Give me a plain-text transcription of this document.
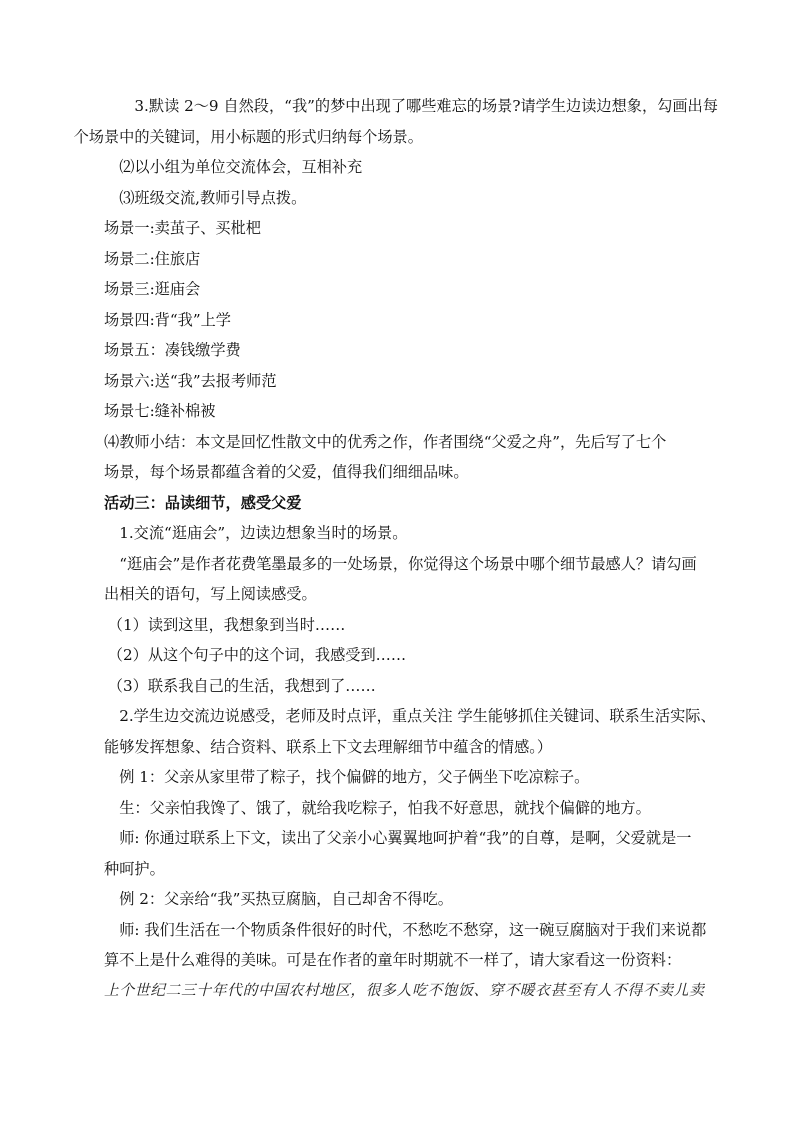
3.默读 2～9 自然段，“我”的梦中出现了哪些难忘的场景?请学生边读边想象，勾画出每
个场景中的关键词，用小标题的形式归纳每个场景。

⑵以小组为单位交流体会，互相补充

⑶班级交流,教师引导点拨。

场景一:卖茧子、买枇杷

场景二:住旅店

场景三:逛庙会

场景四:背“我”上学

场景五：凑钱缴学费

场景六:送“我”去报考师范

场景七:缝补棉被

⑷教师小结：本文是回忆性散文中的优秀之作，作者围绕“父爱之舟”，先后写了七个
场景，每个场景都蕴含着的父爱，值得我们细细品味。

活动三：品读细节，感受父爱

1.交流“逛庙会”，边读边想象当时的场景。

“逛庙会”是作者花费笔墨最多的一处场景，你觉得这个场景中哪个细节最感人？请勾画
出相关的语句，写上阅读感受。

（1）读到这里，我想象到当时……

（2）从这个句子中的这个词，我感受到……

（3）联系我自己的生活，我想到了……

2.学生边交流边说感受，老师及时点评，重点关注 学生能够抓住关键词、联系生活实际、
能够发挥想象、结合资料、联系上下文去理解细节中蕴含的情感。）

例 1：父亲从家里带了粽子，找个偏僻的地方，父子俩坐下吃凉粽子。

生：父亲怕我馋了、饿了，就给我吃粽子，怕我不好意思，就找个偏僻的地方。

师: 你通过联系上下文，读出了父亲小心翼翼地呵护着“我”的自尊，是啊，父爱就是一
种呵护。

例 2：父亲给“我”买热豆腐脑，自己却舍不得吃。

师: 我们生活在一个物质条件很好的时代，不愁吃不愁穿，这一碗豆腐脑对于我们来说都
算不上是什么难得的美味。可是在作者的童年时期就不一样了，请大家看这一份资料：

上个世纪二三十年代的中国农村地区，很多人吃不饱饭、穿不暖衣甚至有人不得不卖儿卖
